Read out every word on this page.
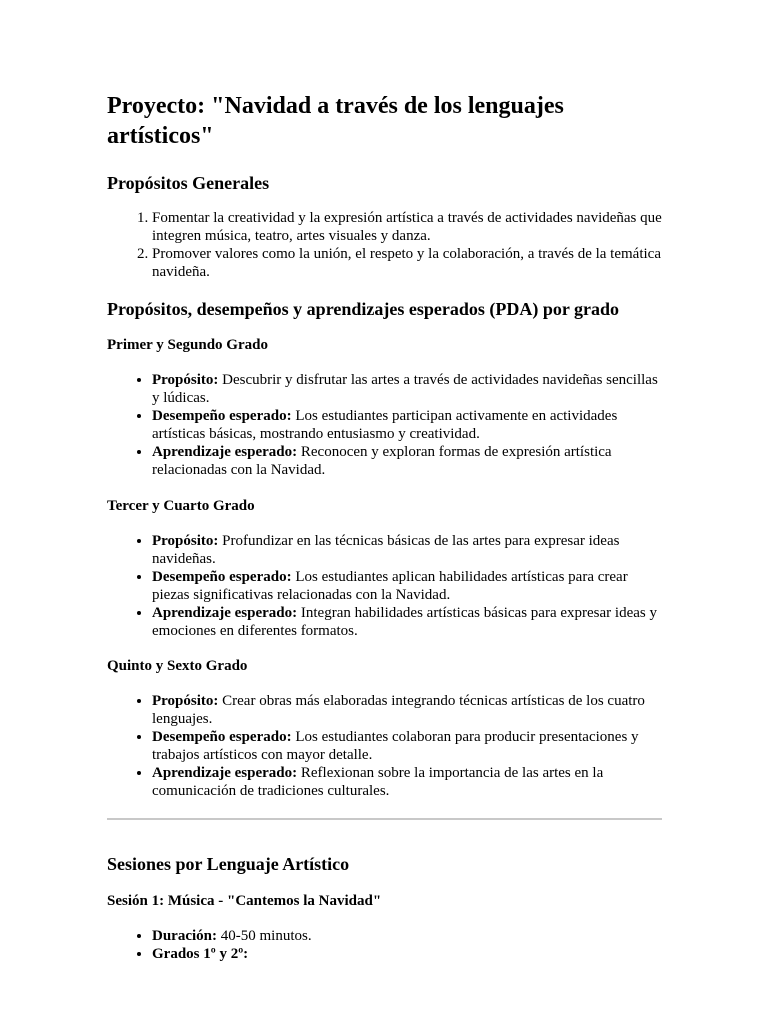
Proyecto: "Navidad a través de los lenguajes artísticos"
Propósitos Generales
1. Fomentar la creatividad y la expresión artística a través de actividades navideñas que integren música, teatro, artes visuales y danza.
2. Promover valores como la unión, el respeto y la colaboración, a través de la temática navideña.
Propósitos, desempeños y aprendizajes esperados (PDA) por grado
Primer y Segundo Grado
• Propósito: Descubrir y disfrutar las artes a través de actividades navideñas sencillas y lúdicas.
• Desempeño esperado: Los estudiantes participan activamente en actividades artísticas básicas, mostrando entusiasmo y creatividad.
• Aprendizaje esperado: Reconocen y exploran formas de expresión artística relacionadas con la Navidad.
Tercer y Cuarto Grado
• Propósito: Profundizar en las técnicas básicas de las artes para expresar ideas navideñas.
• Desempeño esperado: Los estudiantes aplican habilidades artísticas para crear piezas significativas relacionadas con la Navidad.
• Aprendizaje esperado: Integran habilidades artísticas básicas para expresar ideas y emociones en diferentes formatos.
Quinto y Sexto Grado
• Propósito: Crear obras más elaboradas integrando técnicas artísticas de los cuatro lenguajes.
• Desempeño esperado: Los estudiantes colaboran para producir presentaciones y trabajos artísticos con mayor detalle.
• Aprendizaje esperado: Reflexionan sobre la importancia de las artes en la comunicación de tradiciones culturales.
Sesiones por Lenguaje Artístico
Sesión 1: Música - "Cantemos la Navidad"
• Duración: 40-50 minutos.
• Grados 1º y 2º:
